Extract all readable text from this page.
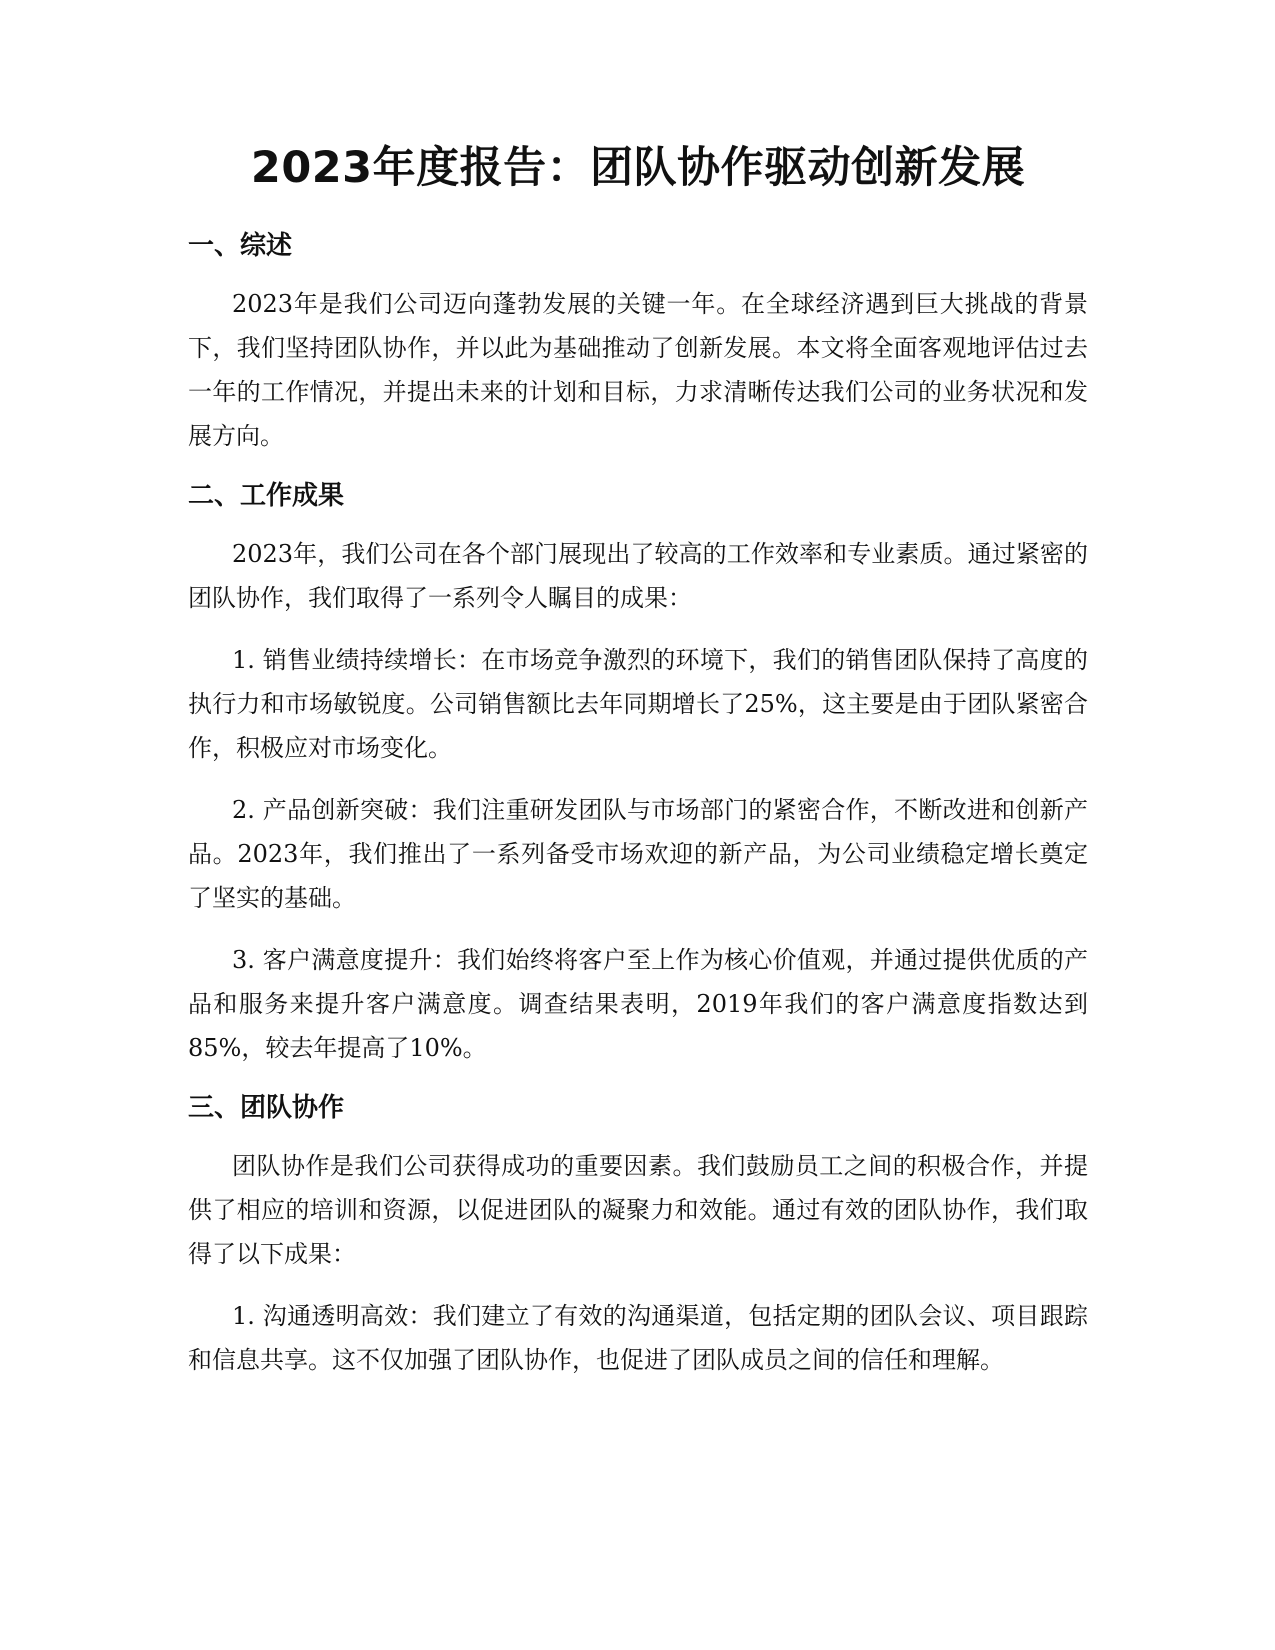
2023年度报告：团队协作驱动创新发展
一、综述

2023年是我们公司迈向蓬勃发展的关键一年。在全球经济遇到巨大挑战的背景下，我们坚持团队协作，并以此为基础推动了创新发展。本文将全面客观地评估过去一年的工作情况，并提出未来的计划和目标，力求清晰传达我们公司的业务状况和发展方向。

二、工作成果

2023年，我们公司在各个部门展现出了较高的工作效率和专业素质。通过紧密的团队协作，我们取得了一系列令人瞩目的成果：

1. 销售业绩持续增长：在市场竞争激烈的环境下，我们的销售团队保持了高度的执行力和市场敏锐度。公司销售额比去年同期增长了25%，这主要是由于团队紧密合作，积极应对市场变化。

2. 产品创新突破：我们注重研发团队与市场部门的紧密合作，不断改进和创新产品。2023年，我们推出了一系列备受市场欢迎的新产品，为公司业绩稳定增长奠定了坚实的基础。

3. 客户满意度提升：我们始终将客户至上作为核心价值观，并通过提供优质的产品和服务来提升客户满意度。调查结果表明，2019年我们的客户满意度指数达到85%，较去年提高了10%。

三、团队协作

团队协作是我们公司获得成功的重要因素。我们鼓励员工之间的积极合作，并提供了相应的培训和资源，以促进团队的凝聚力和效能。通过有效的团队协作，我们取得了以下成果：

1. 沟通透明高效：我们建立了有效的沟通渠道，包括定期的团队会议、项目跟踪和信息共享。这不仅加强了团队协作，也促进了团队成员之间的信任和理解。
